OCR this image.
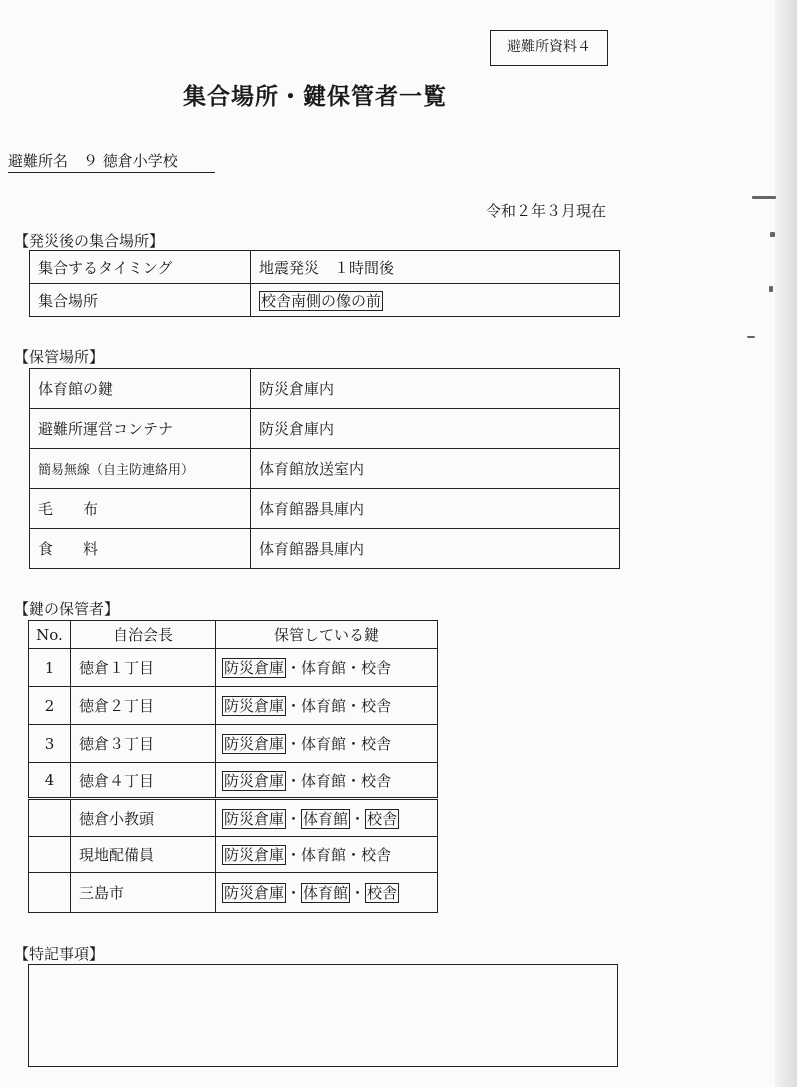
避難所資料４
集合場所・鍵保管者一覧
避難所名　９ 徳倉小学校
令和２年３月現在
【発災後の集合場所】
集合するタイミング	地震発災　１時間後
集合場所	校舎南側の像の前
【保管場所】
体育館の鍵	防災倉庫内
避難所運営コンテナ	防災倉庫内
簡易無線（自主防連絡用）	体育館放送室内
毛　　布	体育館器具庫内
食　　料	体育館器具庫内
【鍵の保管者】
No.	自治会長	保管している鍵
1	徳倉１丁目	防災倉庫 ・体育館・校舎
2	徳倉２丁目	防災倉庫 ・体育館・校舎
3	徳倉３丁目	防災倉庫 ・体育館・校舎
4	徳倉４丁目	防災倉庫 ・体育館・校舎
	徳倉小教頭	防災倉庫 ・ 体育館 ・ 校舎
	現地配備員	防災倉庫 ・体育館・校舎
	三島市	防災倉庫 ・ 体育館 ・ 校舎
【特記事項】
